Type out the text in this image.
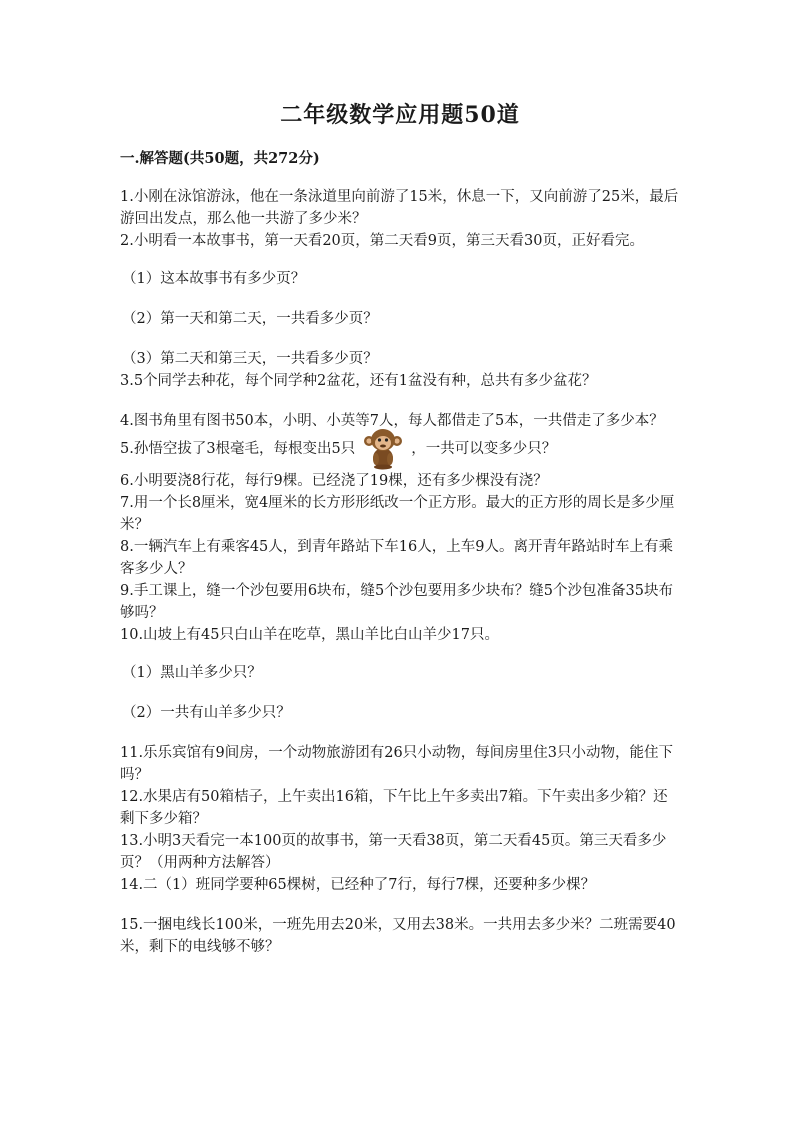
二年级数学应用题50道
一.解答题(共50题，共272分)

1.小刚在泳馆游泳，他在一条泳道里向前游了15米，休息一下，又向前游了25米，最后游回出发点，那么他一共游了多少米？

2.小明看一本故事书，第一天看20页，第二天看9页，第三天看30页，正好看完。

（1）这本故事书有多少页？

（2）第一天和第二天，一共看多少页？

（3）第二天和第三天，一共看多少页？

3.5个同学去种花，每个同学种2盆花，还有1盆没有种，总共有多少盆花？

4.图书角里有图书50本，小明、小英等7人，每人都借走了5本，一共借走了多少本？

5.孙悟空拔了3根毫毛，每根变出5只	，一共可以变多少只？

6.小明要浇8行花，每行9棵。已经浇了19棵，还有多少棵没有浇？

7.用一个长8厘米，宽4厘米的长方形形纸改一个正方形。最大的正方形的周长是多少厘米？

8.一辆汽车上有乘客45人，到青年路站下车16人，上车9人。离开青年路站时车上有乘客多少人？

9.手工课上，缝一个沙包要用6块布，缝5个沙包要用多少块布？缝5个沙包准备35块布够吗？

10.山坡上有45只白山羊在吃草，黑山羊比白山羊少17只。

（1）黑山羊多少只？

（2）一共有山羊多少只？

11.乐乐宾馆有9间房，一个动物旅游团有26只小动物，每间房里住3只小动物，能住下吗？

12.水果店有50箱桔子，上午卖出16箱，下午比上午多卖出7箱。下午卖出多少箱？还剩下多少箱？

13.小明3天看完一本100页的故事书，第一天看38页，第二天看45页。第三天看多少页？（用两种方法解答）

14.二（1）班同学要种65棵树，已经种了7行，每行7棵，还要种多少棵？

15.一捆电线长100米，一班先用去20米，又用去38米。一共用去多少米？二班需要40米，剩下的电线够不够？
